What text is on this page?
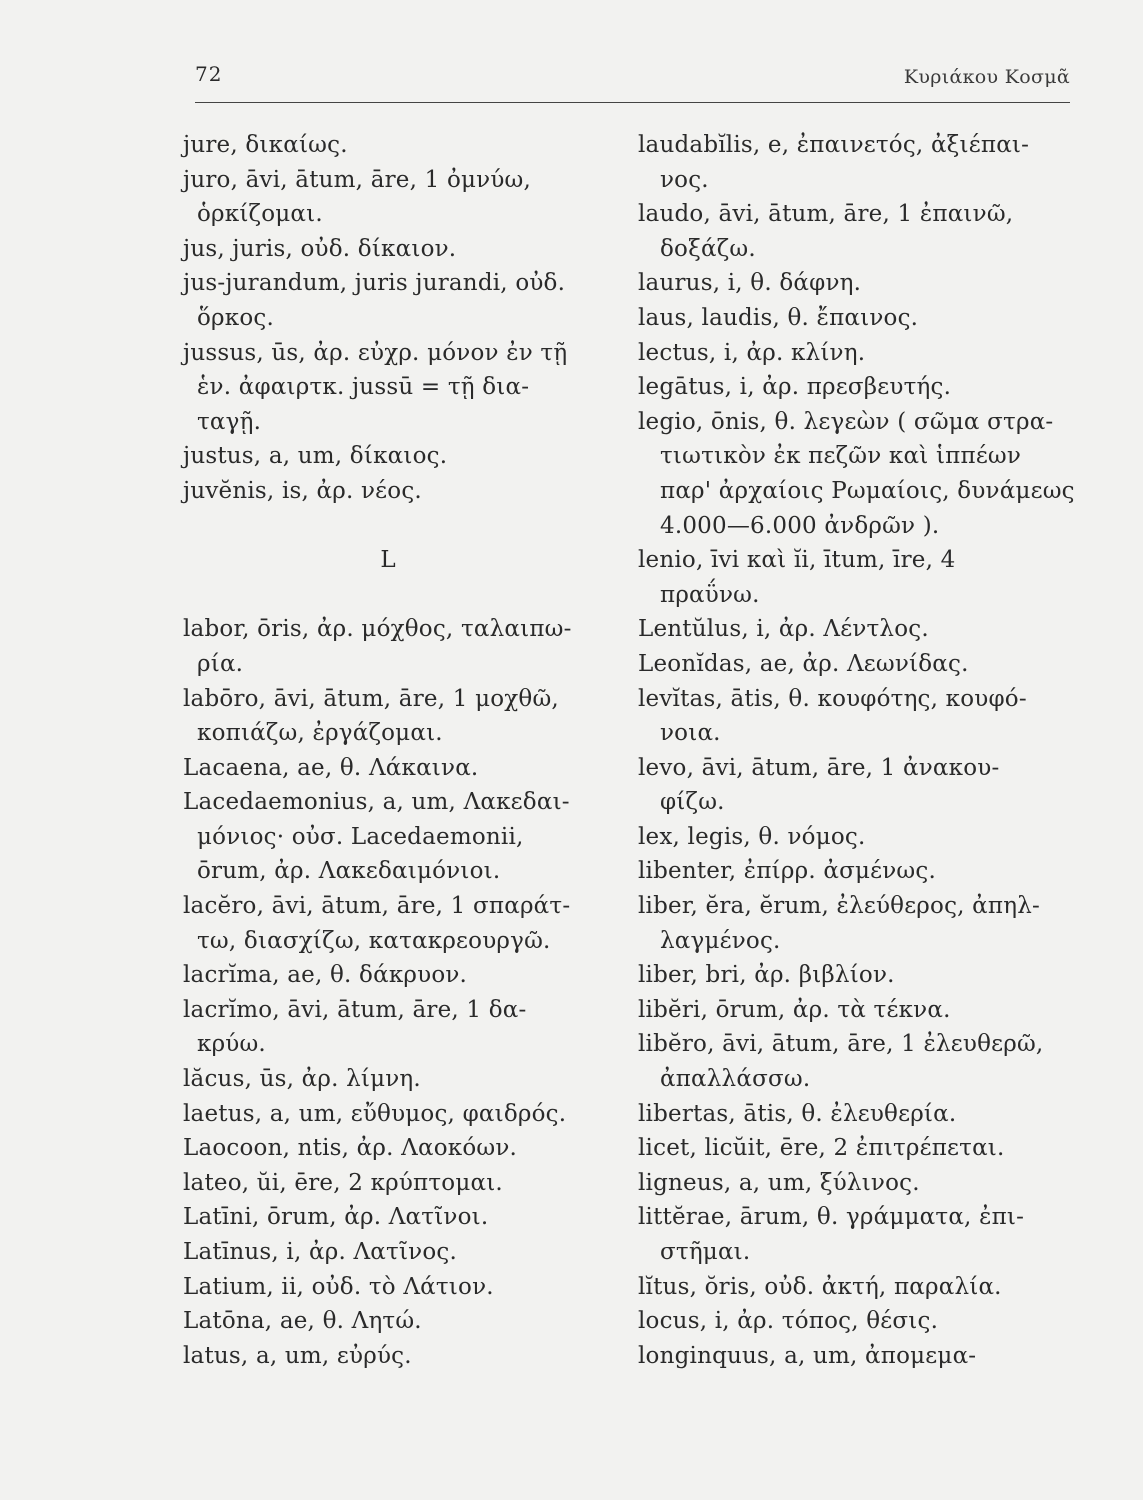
72	Κυριάκου Κοσμᾶ
jure, δικαίως.
juro, āvi, ātum, āre, 1 ὀμνύω,
ὁρκίζομαι.
jus, juris, οὐδ. δίκαιον.
jus-jurandum, juris jurandi, οὐδ.
ὅρκος.
jussus, ūs, ἀρ. εὐχρ. μόνον ἐν τῇ
ἑν. ἀφαιρτκ. jussū = τῇ δια-
ταγῇ.
justus, a, um, δίκαιος.
juvĕnis, is, ἀρ. νέος.
L
labor, ōris, ἀρ. μόχθος, ταλαιπω-
ρία.
labōro, āvi, ātum, āre, 1 μοχθῶ,
κοπιάζω, ἐργάζομαι.
Lacaena, ae, θ. Λάκαινα.
Lacedaemonius, a, um, Λακεδαι-
μόνιος· οὐσ. Lacedaemonii,
ōrum, ἀρ. Λακεδαιμόνιοι.
lacĕro, āvi, ātum, āre, 1 σπαράτ-
τω, διασχίζω, κατακρεουργῶ.
lacrĭma, ae, θ. δάκρυον.
lacrĭmo, āvi, ātum, āre, 1 δα-
κρύω.
lăcus, ūs, ἀρ. λίμνη.
laetus, a, um, εὔθυμος, φαιδρός.
Laocoon, ntis, ἀρ. Λαοκόων.
lateo, ŭi, ēre, 2 κρύπτομαι.
Latīni, ōrum, ἀρ. Λατῖνοι.
Latīnus, i, ἀρ. Λατῖνος.
Latium, ii, οὐδ. τὸ Λάτιον.
Latōna, ae, θ. Λητώ.
latus, a, um, εὐρύς.
laudabĭlis, e, ἐπαινετός, ἀξιέπαι-
νος.
laudo, āvi, ātum, āre, 1 ἐπαινῶ,
δοξάζω.
laurus, i, θ. δάφνη.
laus, laudis, θ. ἔπαινος.
lectus, i, ἀρ. κλίνη.
legātus, i, ἀρ. πρεσβευτής.
legio, ōnis, θ. λεγεὼν ( σῶμα στρα-
τιωτικὸν ἐκ πεζῶν καὶ ἱππέων
παρ' ἀρχαίοις Ρωμαίοις, δυνάμεως
4.000—6.000 ἀνδρῶν ).
lenio, īvi καὶ ĭi, ītum, īre, 4
πραΰνω.
Lentŭlus, i, ἀρ. Λέντλος.
Leonĭdas, ae, ἀρ. Λεωνίδας.
levĭtas, ātis, θ. κουφότης, κουφό-
νοια.
levo, āvi, ātum, āre, 1 ἀνακου-
φίζω.
lex, legis, θ. νόμος.
libenter, ἐπίρρ. ἀσμένως.
liber, ĕra, ĕrum, ἐλεύθερος, ἀπηλ-
λαγμένος.
liber, bri, ἀρ. βιβλίον.
libĕri, ōrum, ἀρ. τὰ τέκνα.
libĕro, āvi, ātum, āre, 1 ἐλευθερῶ,
ἀπαλλάσσω.
libertas, ātis, θ. ἐλευθερία.
licet, licŭit, ēre, 2 ἐπιτρέπεται.
ligneus, a, um, ξύλινος.
littĕrae, ārum, θ. γράμματα, ἐπι-
στῆμαι.
lĭtus, ŏris, οὐδ. ἀκτή, παραλία.
locus, i, ἀρ. τόπος, θέσις.
longinquus, a, um, ἀπομεμα-
